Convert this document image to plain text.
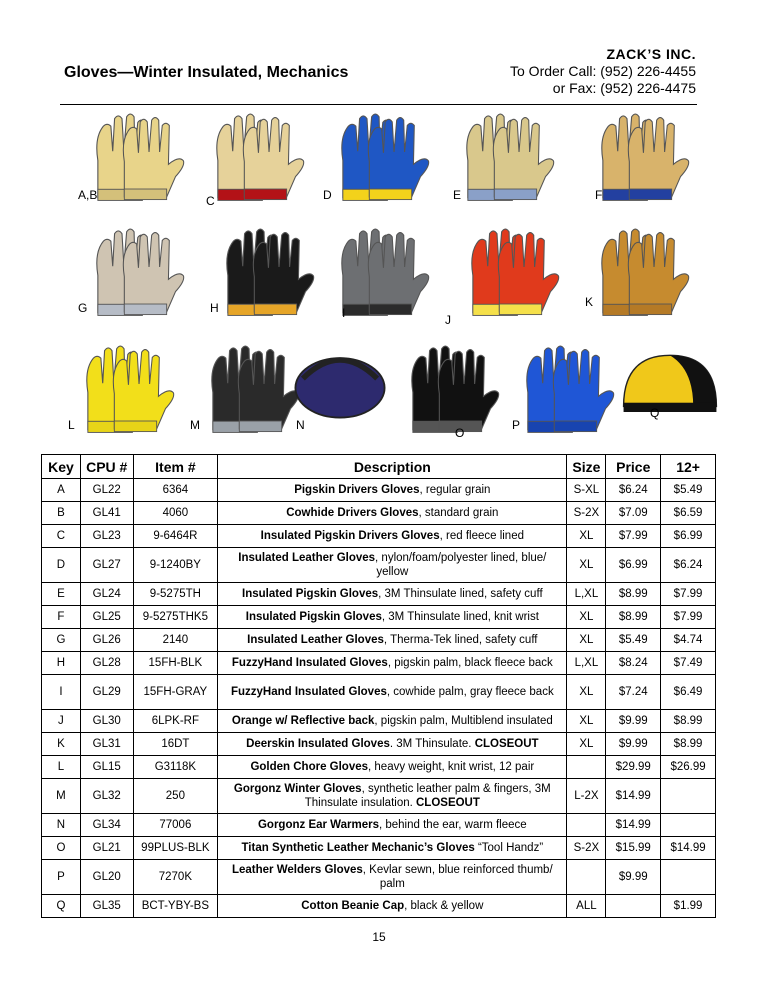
Gloves—Winter Insulated, Mechanics
ZACK’S INC.
To Order Call: (952) 226-4455
or Fax: (952) 226-4475
A,B	C	D	E	F
G	H	I	J
K
L	M	N
O
P
Q
Key	CPU #	Item #	Description	Size	Price	12+
A	GL22	6364	Pigskin Drivers Gloves, regular grain	S-XL	$6.24	$5.49
B	GL41	4060	Cowhide Drivers Gloves, standard grain	S-2X	$7.09	$6.59
C	GL23	9-6464R	Insulated Pigskin Drivers Gloves, red fleece lined	XL	$7.99	$6.99
D	GL27	9-1240BY	Insulated Leather Gloves, nylon/foam/polyester lined, blue/ yellow	XL	$6.99	$6.24
E	GL24	9-5275TH	Insulated Pigskin Gloves, 3M Thinsulate lined, safety cuff	L,XL	$8.99	$7.99
F	GL25	9-5275THK5	Insulated Pigskin Gloves, 3M Thinsulate lined, knit wrist	XL	$8.99	$7.99
G	GL26	2140	Insulated Leather Gloves, Therma-Tek lined, safety cuff	XL	$5.49	$4.74
H	GL28	15FH-BLK	FuzzyHand Insulated Gloves, pigskin palm, black fleece back	L,XL	$8.24	$7.49
I	GL29	15FH-GRAY	FuzzyHand Insulated Gloves, cowhide palm, gray fleece back	XL	$7.24	$6.49
J	GL30	6LPK-RF	Orange w/ Reflective back, pigskin palm, Multiblend insulated	XL	$9.99	$8.99
K	GL31	16DT	Deerskin Insulated Gloves. 3M Thinsulate. CLOSEOUT	XL	$9.99	$8.99
L	GL15	G3118K	Golden Chore Gloves, heavy weight, knit wrist, 12 pair		$29.99	$26.99
M	GL32	250	Gorgonz Winter Gloves, synthetic leather palm & fingers, 3M Thinsulate insulation. CLOSEOUT	L-2X	$14.99	
N	GL34	77006	Gorgonz Ear Warmers, behind the ear, warm fleece		$14.99	
O	GL21	99PLUS-BLK	Titan Synthetic Leather Mechanic’s Gloves “Tool Handz”	S-2X	$15.99	$14.99
P	GL20	7270K	Leather Welders Gloves, Kevlar sewn, blue reinforced thumb/ palm		$9.99	
Q	GL35	BCT-YBY-BS	Cotton Beanie Cap, black & yellow	ALL		$1.99
15
